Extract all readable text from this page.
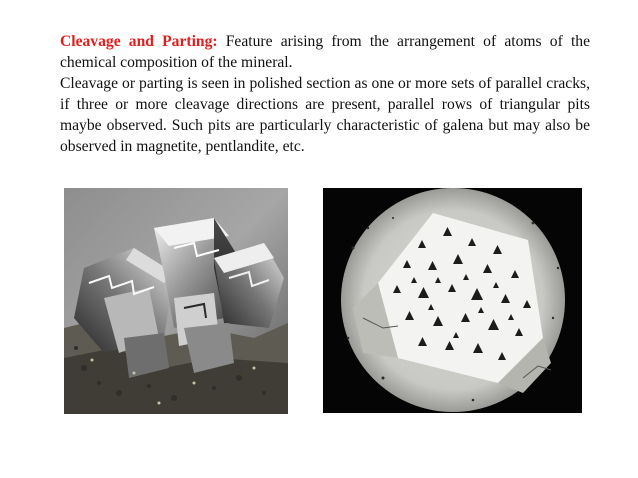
Cleavage and Parting: Feature arising from the arrangement of atoms of the chemical composition of the mineral.

Cleavage or parting is seen in polished section as one or more sets of parallel cracks, if three or more cleavage directions are present, parallel rows of triangular pits maybe observed. Such pits are particularly characteristic of galena but may also be observed in magnetite, pentlandite, etc.
